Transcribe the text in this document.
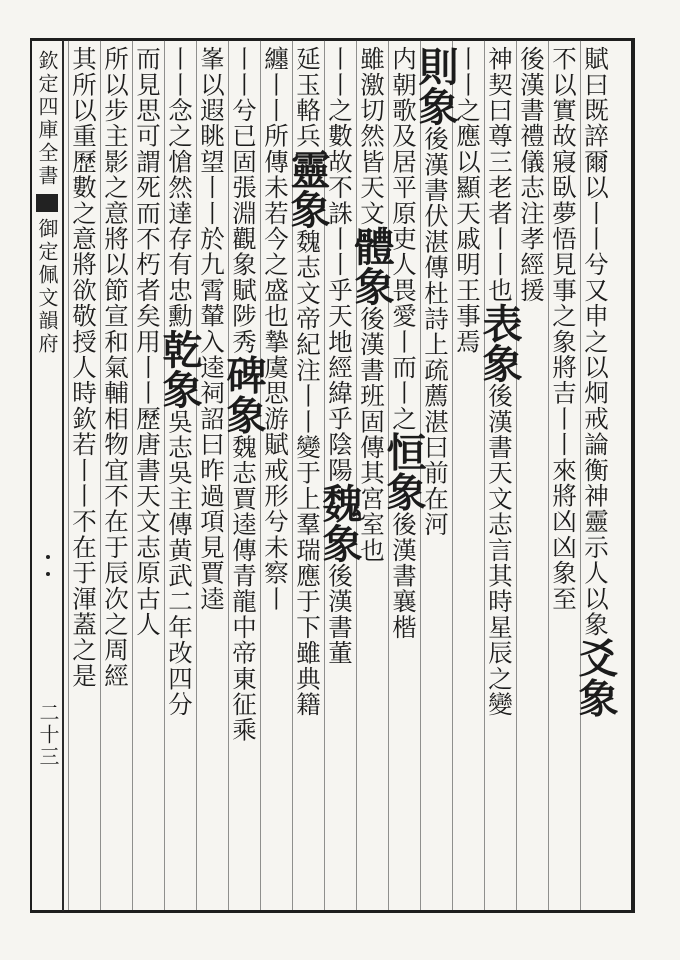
欽定四庫全書御定佩文韻府
二十三
賦曰既誶爾以丨丨兮又申之以炯戒論衡神靈示人以象爻象
不以實故寢臥夢悟見事之象將吉丨丨來將凶凶象至
後漢書禮儀志注孝經援
神契曰尊三老者丨丨也表象後漢書天文志言其時星辰之變
丨丨之應以顯天戚明王事焉
則象後漢書伏湛傳杜詩上疏薦湛曰前在河
内朝歌及居平原吏人畏愛丨而丨之恒象後漢書襄楷
雖激切然皆天文體象後漢書班固傳其宮室也
丨丨之數故不誅丨丨乎天地經緯乎陰陽魏象後漢書董
延玉輅兵靈象魏志文帝紀注丨丨變于上羣瑞應于下雖典籍
纏丨丨所傳未若今之盛也摯虞思游賦戒形兮未察丨
丨丨兮已固張淵觀象賦陟秀碑象魏志賈逵傳青龍中帝東征乘
峯以遐眺望丨丨於九霄輦入逵祠詔曰昨過項見賈逵
丨丨念之愴然達存有忠勳乾象吳志吳主傳黄武二年改四分
而見思可謂死而不朽者矣用丨丨歷唐書天文志原古人
所以步主影之意將以節宣和氣輔相物宜不在于辰次之周經
其所以重歷數之意將欲敬授人時欽若丨丨不在于渾蓋之是
